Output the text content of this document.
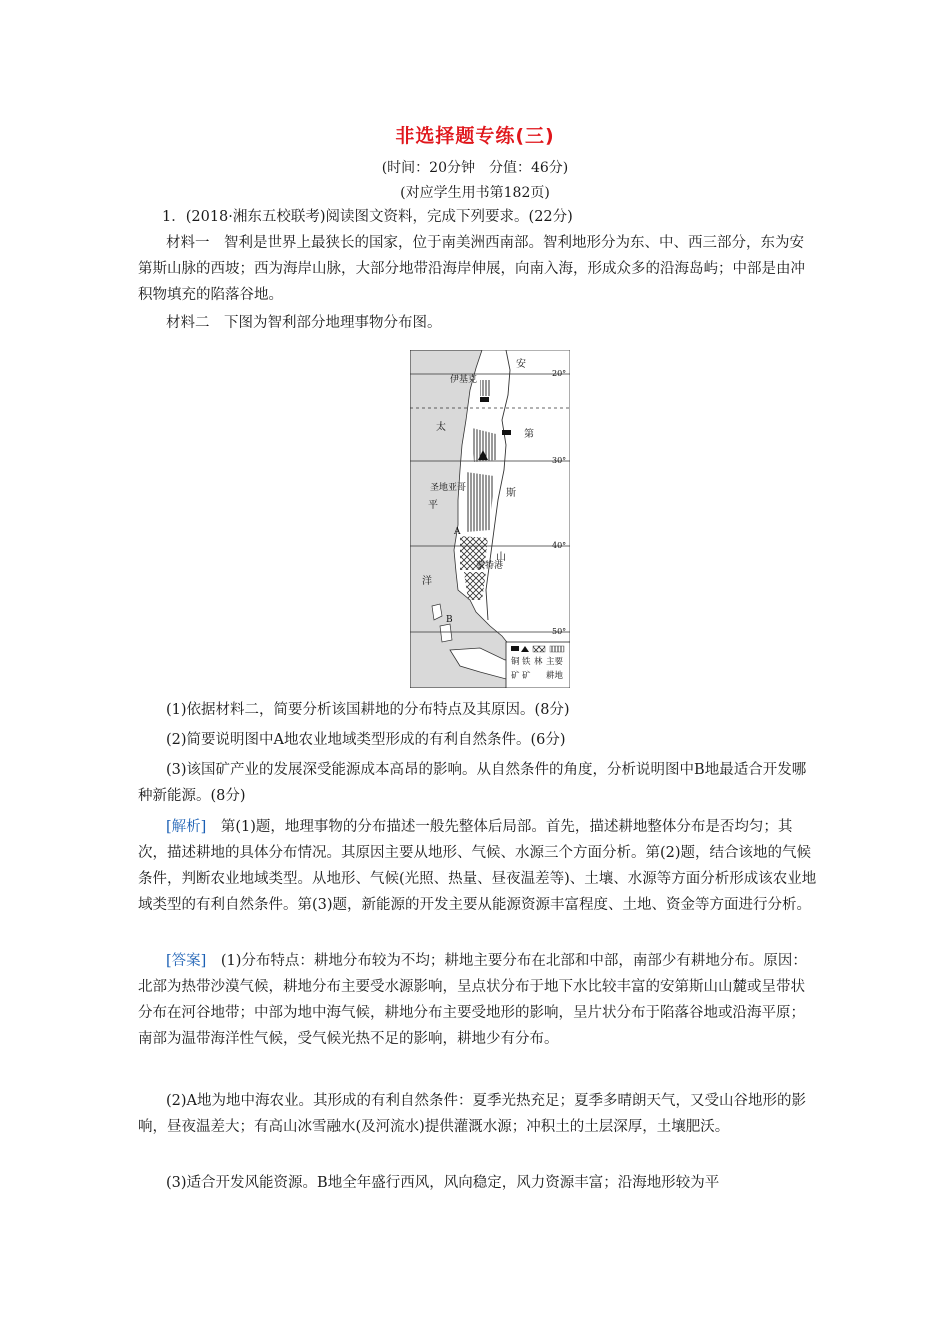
非选择题专练(三)
(时间：20分钟　分值：46分)
(对应学生用书第182页)

1．(2018·湘东五校联考)阅读图文资料，完成下列要求。(22分)

材料一　智利是世界上最狭长的国家，位于南美洲西南部。智利地形分为东、中、西三部分，东为安第斯山脉的西坡；西为海岸山脉，大部分地带沿海岸伸展，向南入海，形成众多的沿海岛屿；中部是由冲积物填充的陷落谷地。

材料二　下图为智利部分地理事物分布图。

安
第
斯
山
太
平
洋
伊基克
圣地亚哥
蒙特港
A
B
20°
30°
40°
50°
铜 铁 林 主要
矿 矿 耕地

(1)依据材料二，简要分析该国耕地的分布特点及其原因。(8分)

(2)简要说明图中A地农业地域类型形成的有利自然条件。(6分)

(3)该国矿产业的发展深受能源成本高昂的影响。从自然条件的角度，分析说明图中B地最适合开发哪种新能源。(8分)

[解析]　第(1)题，地理事物的分布描述一般先整体后局部。首先，描述耕地整体分布是否均匀；其次，描述耕地的具体分布情况。其原因主要从地形、气候、水源三个方面分析。第(2)题，结合该地的气候条件，判断农业地域类型。从地形、气候(光照、热量、昼夜温差等)、土壤、水源等方面分析形成该农业地域类型的有利自然条件。第(3)题，新能源的开发主要从能源资源丰富程度、土地、资金等方面进行分析。

[答案]　(1)分布特点：耕地分布较为不均；耕地主要分布在北部和中部，南部少有耕地分布。原因：北部为热带沙漠气候，耕地分布主要受水源影响，呈点状分布于地下水比较丰富的安第斯山山麓或呈带状分布在河谷地带；中部为地中海气候，耕地分布主要受地形的影响，呈片状分布于陷落谷地或沿海平原；南部为温带海洋性气候，受气候光热不足的影响，耕地少有分布。

(2)A地为地中海农业。其形成的有利自然条件：夏季光热充足；夏季多晴朗天气，又受山谷地形的影响，昼夜温差大；有高山冰雪融水(及河流水)提供灌溉水源；冲积土的土层深厚，土壤肥沃。

(3)适合开发风能资源。B地全年盛行西风，风向稳定，风力资源丰富；沿海地形较为平
